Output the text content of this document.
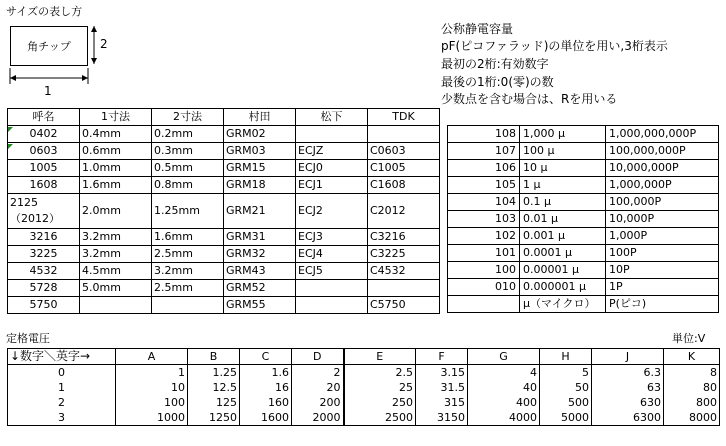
サイズの表し方
角チップ	2
1
公称静電容量
pF(ピコファラッド)の単位を用い,3桁表示
最初の2桁:有効数字
最後の1桁:0(零)の数
少数点を含む場合は、Rを用いる
呼名	1寸法	2寸法	村田	松下	TDK
0402	0.4mm	0.2mm	GRM02		
0603	0.6mm	0.3mm	GRM03	ECJZ	C0603
1005	1.0mm	0.5mm	GRM15	ECJ0	C1005
1608	1.6mm	0.8mm	GRM18	ECJ1	C1608
2125
（2012）	2.0mm	1.25mm	GRM21	ECJ2	C2012
3216	3.2mm	1.6mm	GRM31	ECJ3	C3216
3225	3.2mm	2.5mm	GRM32	ECJ4	C3225
4532	4.5mm	3.2mm	GRM43	ECJ5	C4532
5728	5.0mm	2.5mm	GRM52		
5750			GRM55		C5750
108	1,000 μ	1,000,000,000P
107	100 μ	100,000,000P
106	10 μ	10,000,000P
105	1 μ	1,000,000P
104	0.1 μ	100,000P
103	0.01 μ	10,000P
102	0.001 μ	1,000P
101	0.0001 μ	100P
100	0.00001 μ	10P
010	0.000001 μ	1P
	μ（マイクロ）	P(ピコ)
定格電圧	単位:V
↓数字＼英字→	A	B	C	D	E	F	G	H	J	K
0	1	1.25	1.6	2	2.5	3.15	4	5	6.3	8
1	10	12.5	16	20	25	31.5	40	50	63	80
2	100	125	160	200	250	315	400	500	630	800
3	1000	1250	1600	2000	2500	3150	4000	5000	6300	8000
